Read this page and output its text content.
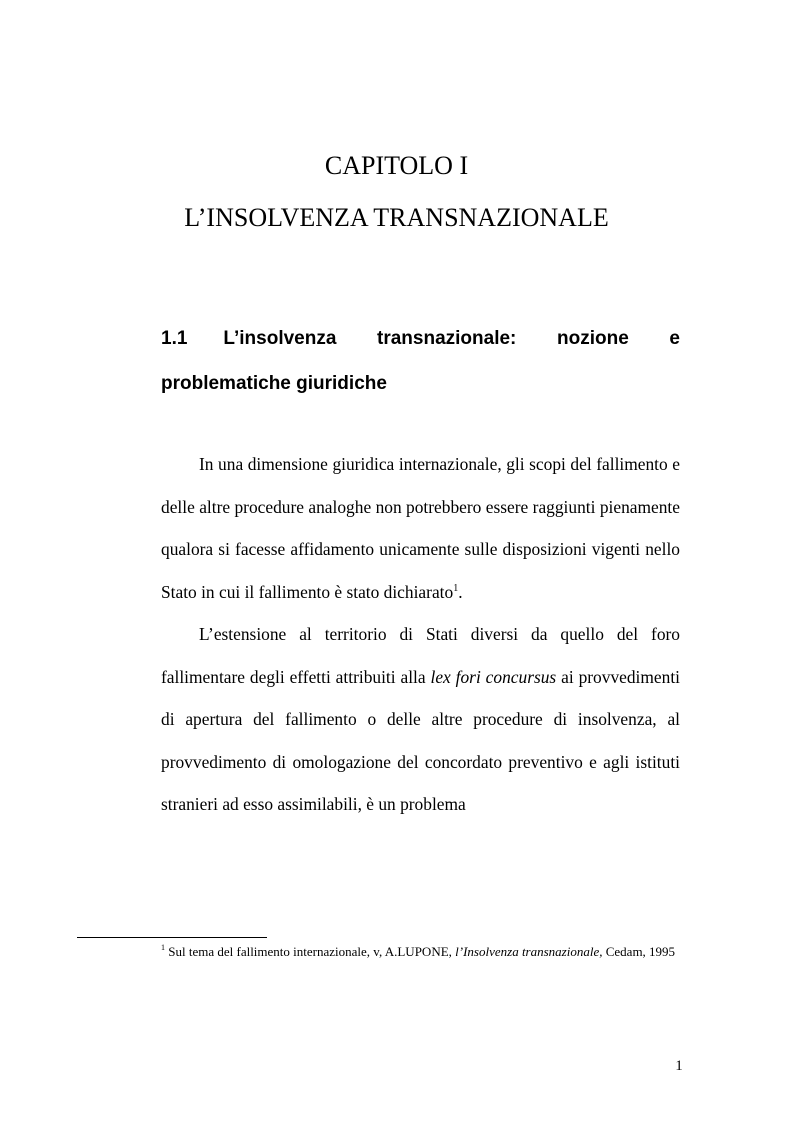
CAPITOLO I
L’INSOLVENZA TRANSNAZIONALE
1.1 L’insolvenza transnazionale: nozione e
problematiche giuridiche

In una dimensione giuridica internazionale, gli scopi del fallimento e delle altre procedure analoghe non potrebbero essere raggiunti pienamente qualora si facesse affidamento unicamente sulle disposizioni vigenti nello Stato in cui il fallimento è stato dichiarato$^1$.

L’estensione al territorio di Stati diversi da quello del foro fallimentare degli effetti attribuiti alla lex fori concursus ai provvedimenti di apertura del fallimento o delle altre procedure di insolvenza, al provvedimento di omologazione del concordato preventivo e agli istituti stranieri ad esso assimilabili, è un problema

$^1$ Sul tema del fallimento internazionale, v, A.LUPONE, l’Insolvenza transnazionale, Cedam, 1995
1
